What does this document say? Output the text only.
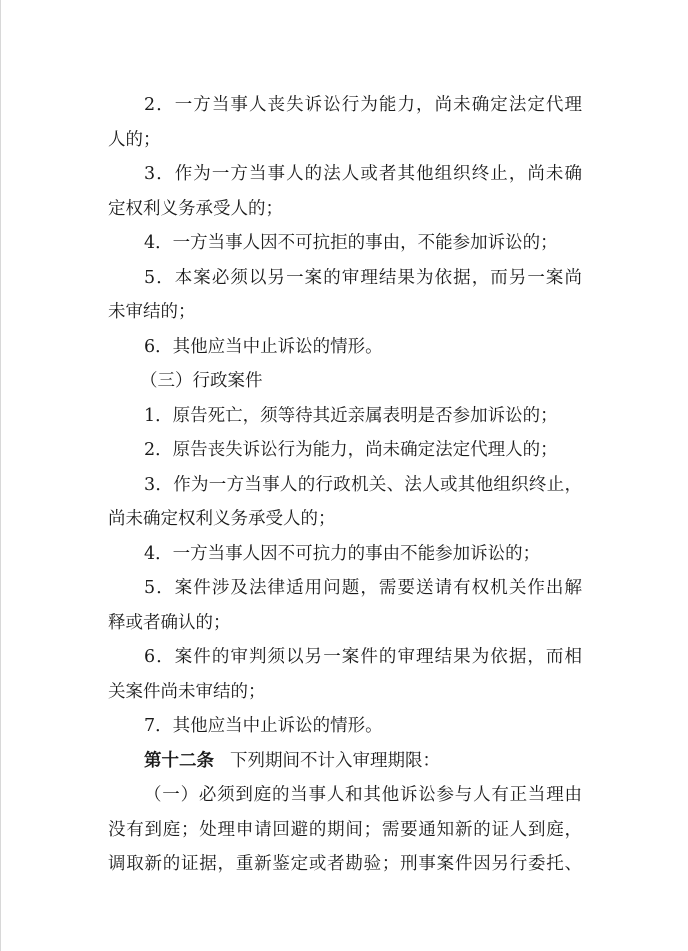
2．一方当事人丧失诉讼行为能力，尚未确定法定代理
人的；
3．作为一方当事人的法人或者其他组织终止，尚未确
定权利义务承受人的；
4．一方当事人因不可抗拒的事由，不能参加诉讼的；
5．本案必须以另一案的审理结果为依据，而另一案尚
未审结的；
6．其他应当中止诉讼的情形。
（三）行政案件
1．原告死亡，须等待其近亲属表明是否参加诉讼的；
2．原告丧失诉讼行为能力，尚未确定法定代理人的；
3．作为一方当事人的行政机关、法人或其他组织终止，
尚未确定权利义务承受人的；
4．一方当事人因不可抗力的事由不能参加诉讼的；
5．案件涉及法律适用问题，需要送请有权机关作出解
释或者确认的；
6．案件的审判须以另一案件的审理结果为依据，而相
关案件尚未审结的；
7．其他应当中止诉讼的情形。
第十二条 下列期间不计入审理期限：
（一）必须到庭的当事人和其他诉讼参与人有正当理由
没有到庭；处理申请回避的期间；需要通知新的证人到庭，
调取新的证据，重新鉴定或者勘验；刑事案件因另行委托、
